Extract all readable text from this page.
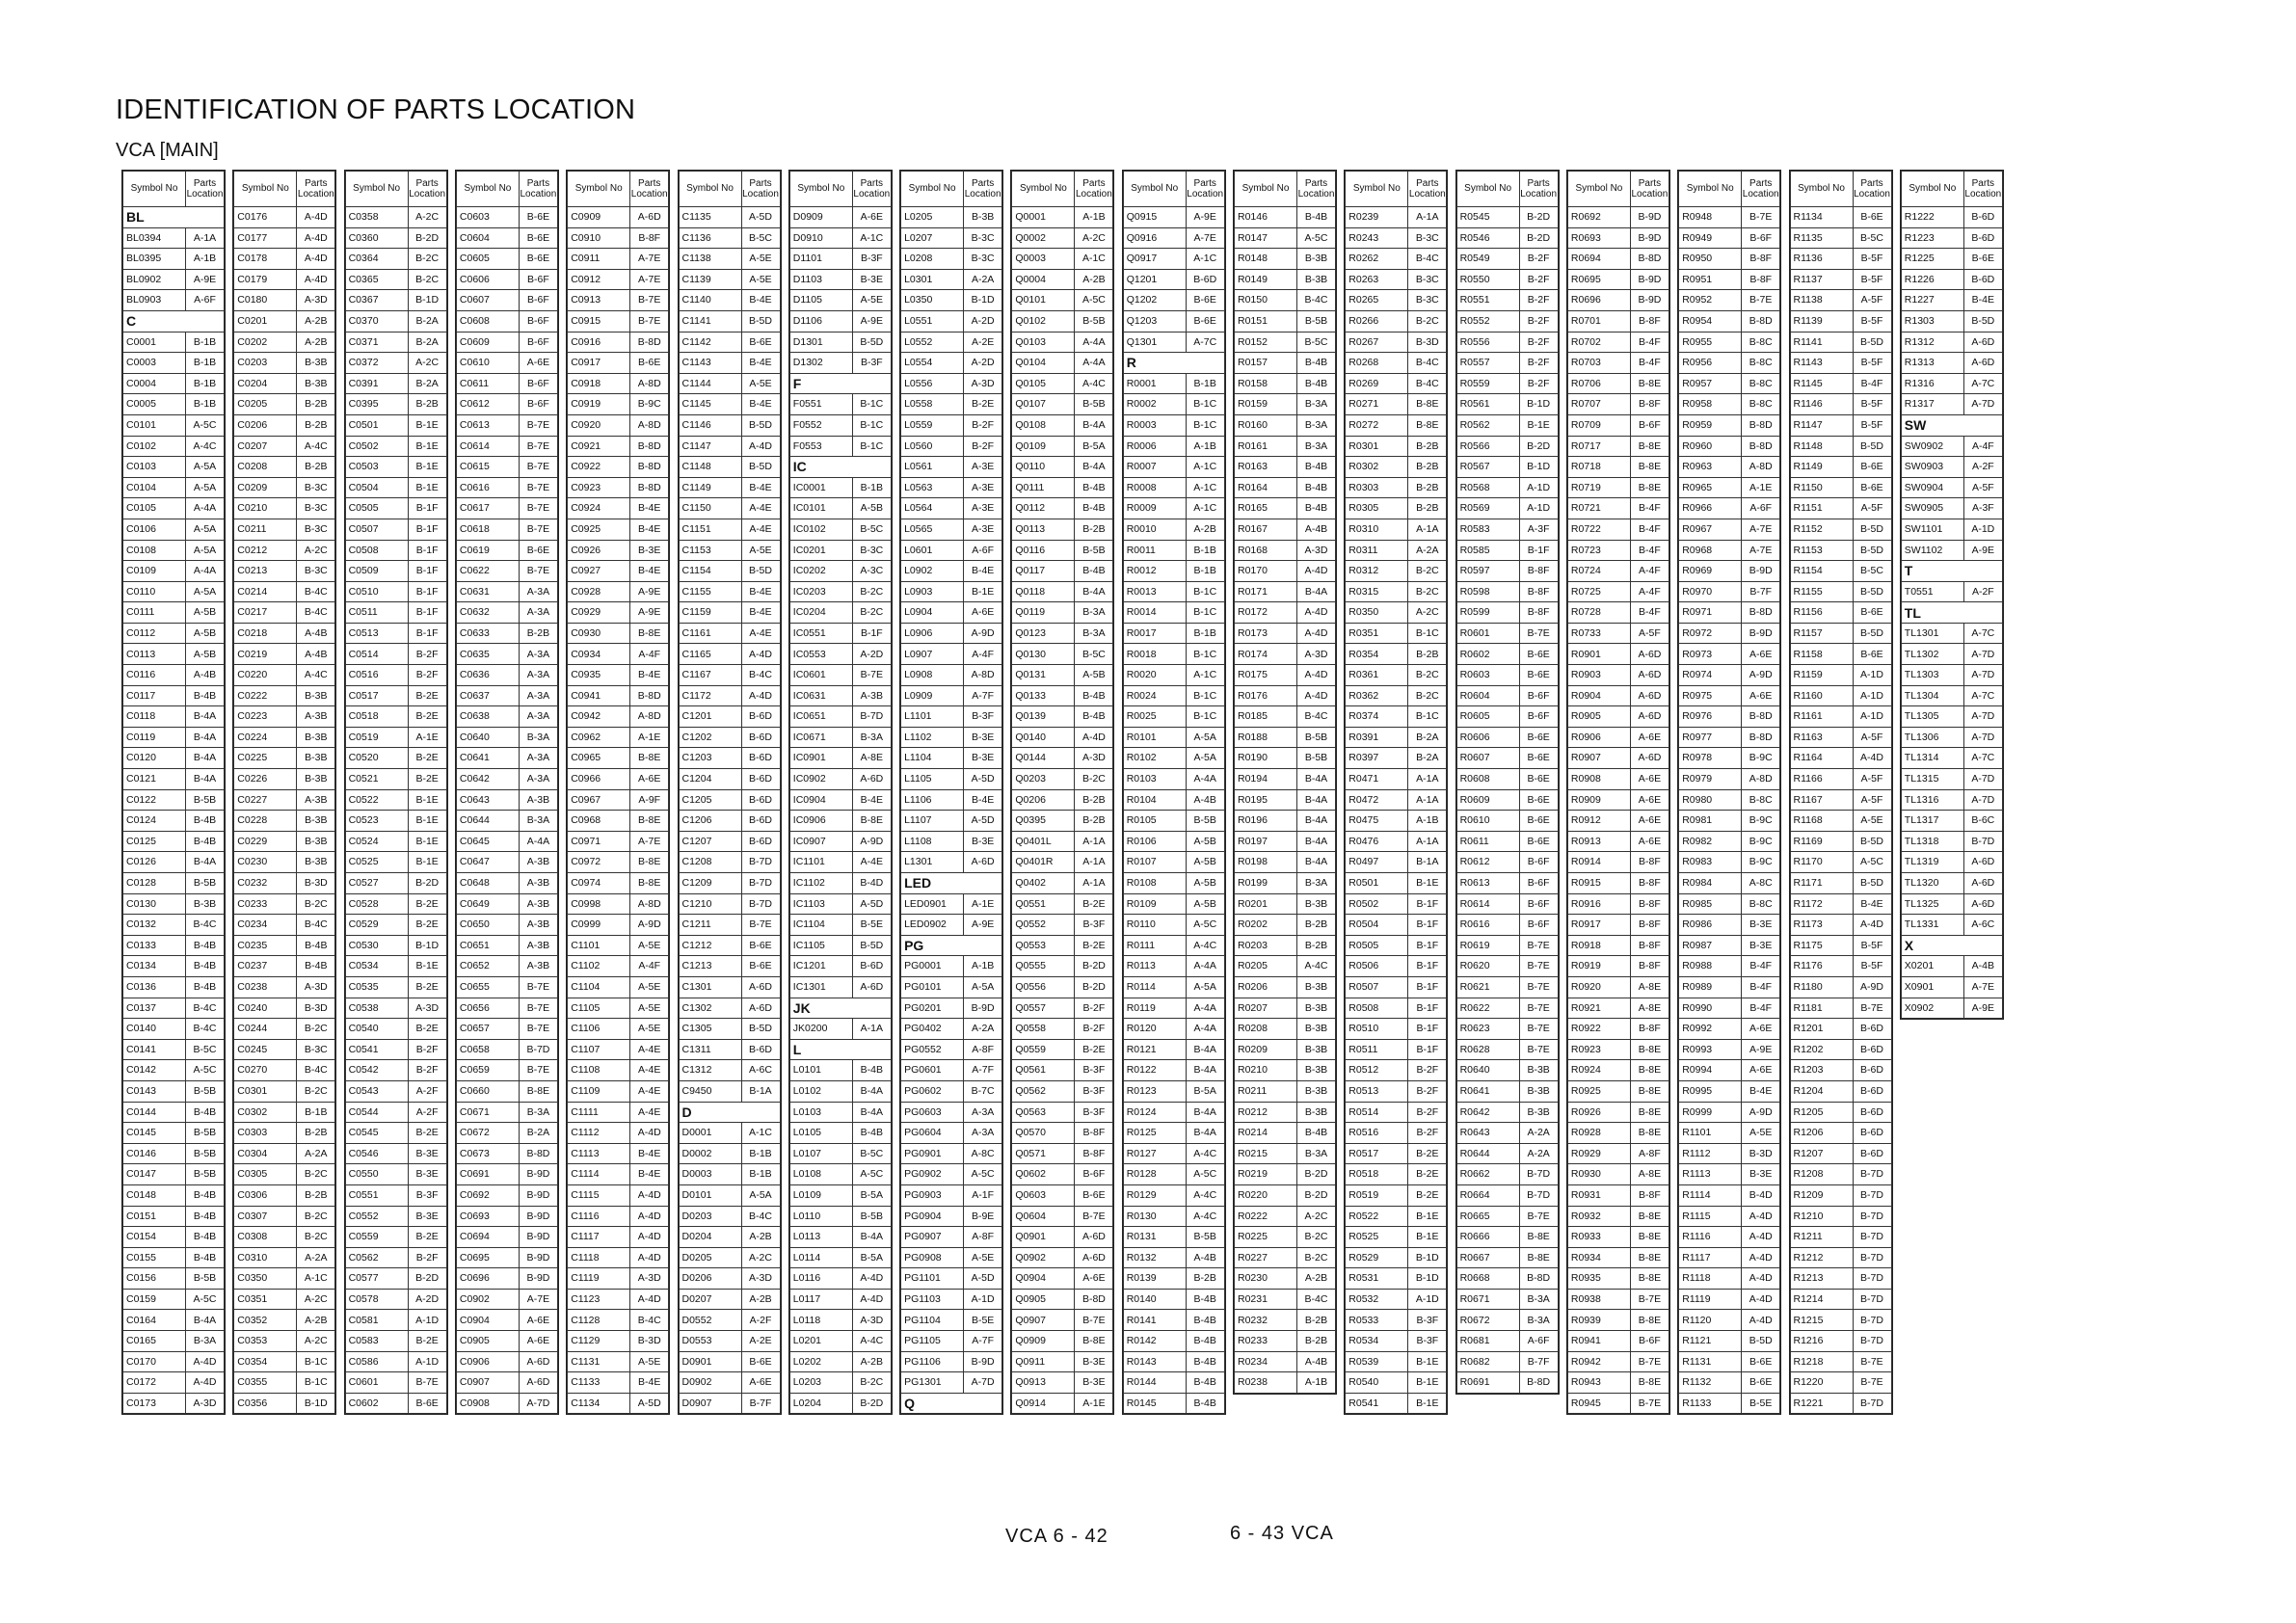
IDENTIFICATION OF PARTS LOCATION
VCA [MAIN]
Symbol No	Parts Location
BL	
BL0394	A-1A
BL0395	A-1B
BL0902	A-9E
BL0903	A-6F
C	
C0001	B-1B
C0003	B-1B
C0004	B-1B
C0005	B-1B
C0101	A-5C
C0102	A-4C
C0103	A-5A
C0104	A-5A
C0105	A-4A
C0106	A-5A
C0108	A-5A
C0109	A-4A
C0110	A-5A
C0111	A-5B
C0112	A-5B
C0113	A-5B
C0116	A-4B
C0117	B-4B
C0118	B-4A
C0119	B-4A
C0120	B-4A
C0121	B-4A
C0122	B-5B
C0124	B-4B
C0125	B-4B
C0126	B-4A
C0128	B-5B
C0130	B-3B
C0132	B-4C
C0133	B-4B
C0134	B-4B
C0136	B-4B
C0137	B-4C
C0140	B-4C
C0141	B-5C
C0142	A-5C
C0143	B-5B
C0144	B-4B
C0145	B-5B
C0146	B-5B
C0147	B-5B
C0148	B-4B
C0151	B-4B
C0154	B-4B
C0155	B-4B
C0156	B-5B
C0159	A-5C
C0164	B-4A
C0165	B-3A
C0170	A-4D
C0172	A-4D
C0173	A-3D
Symbol No	Parts Location
C0176	A-4D
C0177	A-4D
C0178	A-4D
C0179	A-4D
C0180	A-3D
C0201	A-2B
C0202	A-2B
C0203	B-3B
C0204	B-3B
C0205	B-2B
C0206	B-2B
C0207	A-4C
C0208	B-2B
C0209	B-3C
C0210	B-3C
C0211	B-3C
C0212	A-2C
C0213	B-3C
C0214	B-4C
C0217	B-4C
C0218	A-4B
C0219	A-4B
C0220	A-4C
C0222	B-3B
C0223	A-3B
C0224	B-3B
C0225	B-3B
C0226	B-3B
C0227	A-3B
C0228	B-3B
C0229	B-3B
C0230	B-3B
C0232	B-3D
C0233	B-2C
C0234	B-4C
C0235	B-4B
C0237	B-4B
C0238	A-3D
C0240	B-3D
C0244	B-2C
C0245	B-3C
C0270	B-4C
C0301	B-2C
C0302	B-1B
C0303	B-2B
C0304	A-2A
C0305	B-2C
C0306	B-2B
C0307	B-2C
C0308	B-2C
C0310	A-2A
C0350	A-1C
C0351	A-2C
C0352	A-2B
C0353	A-2C
C0354	B-1C
C0355	B-1C
C0356	B-1D
Symbol No	Parts Location
C0358	A-2C
C0360	B-2D
C0364	B-2C
C0365	B-2C
C0367	B-1D
C0370	B-2A
C0371	B-2A
C0372	A-2C
C0391	B-2A
C0395	B-2B
C0501	B-1E
C0502	B-1E
C0503	B-1E
C0504	B-1E
C0505	B-1F
C0507	B-1F
C0508	B-1F
C0509	B-1F
C0510	B-1F
C0511	B-1F
C0513	B-1F
C0514	B-2F
C0516	B-2F
C0517	B-2E
C0518	B-2E
C0519	A-1E
C0520	B-2E
C0521	B-2E
C0522	B-1E
C0523	B-1E
C0524	B-1E
C0525	B-1E
C0527	B-2D
C0528	B-2E
C0529	B-2E
C0530	B-1D
C0534	B-1E
C0535	B-2E
C0538	A-3D
C0540	B-2E
C0541	B-2F
C0542	B-2F
C0543	A-2F
C0544	A-2F
C0545	B-2E
C0546	B-3E
C0550	B-3E
C0551	B-3F
C0552	B-3E
C0559	B-2E
C0562	B-2F
C0577	B-2D
C0578	A-2D
C0581	A-1D
C0583	B-2E
C0586	A-1D
C0601	B-7E
C0602	B-6E
Symbol No	Parts Location
C0603	B-6E
C0604	B-6E
C0605	B-6E
C0606	B-6F
C0607	B-6F
C0608	B-6F
C0609	B-6F
C0610	A-6E
C0611	B-6F
C0612	B-6F
C0613	B-7E
C0614	B-7E
C0615	B-7E
C0616	B-7E
C0617	B-7E
C0618	B-7E
C0619	B-6E
C0622	B-7E
C0631	A-3A
C0632	A-3A
C0633	B-2B
C0635	A-3A
C0636	A-3A
C0637	A-3A
C0638	A-3A
C0640	B-3A
C0641	A-3A
C0642	A-3A
C0643	A-3B
C0644	B-3A
C0645	A-4A
C0647	A-3B
C0648	A-3B
C0649	A-3B
C0650	A-3B
C0651	A-3B
C0652	A-3B
C0655	B-7E
C0656	B-7E
C0657	B-7E
C0658	B-7D
C0659	B-7E
C0660	B-8E
C0671	B-3A
C0672	B-2A
C0673	B-8D
C0691	B-9D
C0692	B-9D
C0693	B-9D
C0694	B-9D
C0695	B-9D
C0696	B-9D
C0902	A-7E
C0904	A-6E
C0905	A-6E
C0906	A-6D
C0907	A-6D
C0908	A-7D
Symbol No	Parts Location
C0909	A-6D
C0910	B-8F
C0911	A-7E
C0912	A-7E
C0913	B-7E
C0915	B-7E
C0916	B-8D
C0917	B-6E
C0918	A-8D
C0919	B-9C
C0920	A-8D
C0921	B-8D
C0922	B-8D
C0923	B-8D
C0924	B-4E
C0925	B-4E
C0926	B-3E
C0927	B-4E
C0928	A-9E
C0929	A-9E
C0930	B-8E
C0934	A-4F
C0935	B-4E
C0941	B-8D
C0942	A-8D
C0962	A-1E
C0965	B-8E
C0966	A-6E
C0967	A-9F
C0968	B-8E
C0971	A-7E
C0972	B-8E
C0974	B-8E
C0998	A-8D
C0999	A-9D
C1101	A-5E
C1102	A-4F
C1104	A-5E
C1105	A-5E
C1106	A-5E
C1107	A-4E
C1108	A-4E
C1109	A-4E
C1111	A-4E
C1112	A-4D
C1113	B-4E
C1114	B-4E
C1115	A-4D
C1116	A-4D
C1117	A-4D
C1118	A-4D
C1119	A-3D
C1123	A-4D
C1128	B-4C
C1129	B-3D
C1131	A-5E
C1133	B-4E
C1134	A-5D
Symbol No	Parts Location
C1135	A-5D
C1136	B-5C
C1138	A-5E
C1139	A-5E
C1140	B-4E
C1141	B-5D
C1142	B-6E
C1143	B-4E
C1144	A-5E
C1145	B-4E
C1146	B-5D
C1147	A-4D
C1148	B-5D
C1149	B-4E
C1150	A-4E
C1151	A-4E
C1153	A-5E
C1154	B-5D
C1155	B-4E
C1159	B-4E
C1161	A-4E
C1165	A-4D
C1167	B-4C
C1172	A-4D
C1201	B-6D
C1202	B-6D
C1203	B-6D
C1204	B-6D
C1205	B-6D
C1206	B-6D
C1207	B-6D
C1208	B-7D
C1209	B-7D
C1210	B-7D
C1211	B-7E
C1212	B-6E
C1213	B-6E
C1301	A-6D
C1302	A-6D
C1305	B-5D
C1311	B-6D
C1312	A-6C
C9450	B-1A
D	
D0001	A-1C
D0002	B-1B
D0003	B-1B
D0101	A-5A
D0203	B-4C
D0204	A-2B
D0205	A-2C
D0206	A-3D
D0207	A-2B
D0552	A-2F
D0553	A-2E
D0901	B-6E
D0902	A-6E
D0907	B-7F
Symbol No	Parts Location
D0909	A-6E
D0910	A-1C
D1101	B-3F
D1103	B-3E
D1105	A-5E
D1106	A-9E
D1301	B-5D
D1302	B-3F
F	
F0551	B-1C
F0552	B-1C
F0553	B-1C
IC	
IC0001	B-1B
IC0101	A-5B
IC0102	B-5C
IC0201	B-3C
IC0202	A-3C
IC0203	B-2C
IC0204	B-2C
IC0551	B-1F
IC0553	A-2D
IC0601	B-7E
IC0631	A-3B
IC0651	B-7D
IC0671	B-3A
IC0901	A-8E
IC0902	A-6D
IC0904	B-4E
IC0906	B-8E
IC0907	A-9D
IC1101	A-4E
IC1102	B-4D
IC1103	A-5D
IC1104	B-5E
IC1105	B-5D
IC1201	B-6D
IC1301	A-6D
JK	
JK0200	A-1A
L	
L0101	B-4B
L0102	B-4A
L0103	B-4A
L0105	B-4B
L0107	B-5C
L0108	A-5C
L0109	B-5A
L0110	B-5B
L0113	B-4A
L0114	B-5A
L0116	A-4D
L0117	A-4D
L0118	A-3D
L0201	A-4C
L0202	A-2B
L0203	B-2C
L0204	B-2D
Symbol No	Parts Location
L0205	B-3B
L0207	B-3C
L0208	B-3C
L0301	A-2A
L0350	B-1D
L0551	A-2D
L0552	A-2E
L0554	A-2D
L0556	A-3D
L0558	B-2E
L0559	B-2F
L0560	B-2F
L0561	A-3E
L0563	A-3E
L0564	A-3E
L0565	A-3E
L0601	A-6F
L0902	B-4E
L0903	B-1E
L0904	A-6E
L0906	A-9D
L0907	A-4F
L0908	A-8D
L0909	A-7F
L1101	B-3F
L1102	B-3E
L1104	B-3E
L1105	A-5D
L1106	B-4E
L1107	A-5D
L1108	B-3E
L1301	A-6D
LED	
LED0901	A-1E
LED0902	A-9E
PG	
PG0001	A-1B
PG0101	A-5A
PG0201	B-9D
PG0402	A-2A
PG0552	A-8F
PG0601	A-7F
PG0602	B-7C
PG0603	A-3A
PG0604	A-3A
PG0901	A-8C
PG0902	A-5C
PG0903	A-1F
PG0904	B-9E
PG0907	A-8F
PG0908	A-5E
PG1101	A-5D
PG1103	A-1D
PG1104	B-5E
PG1105	A-7F
PG1106	B-9D
PG1301	A-7D
Q	
Symbol No	Parts Location
Q0001	A-1B
Q0002	A-2C
Q0003	A-1C
Q0004	A-2B
Q0101	A-5C
Q0102	B-5B
Q0103	A-4A
Q0104	A-4A
Q0105	A-4C
Q0107	B-5B
Q0108	B-4A
Q0109	B-5A
Q0110	B-4A
Q0111	B-4B
Q0112	B-4B
Q0113	B-2B
Q0116	B-5B
Q0117	B-4B
Q0118	B-4A
Q0119	B-3A
Q0123	B-3A
Q0130	B-5C
Q0131	A-5B
Q0133	B-4B
Q0139	B-4B
Q0140	A-4D
Q0144	A-3D
Q0203	B-2C
Q0206	B-2B
Q0395	B-2B
Q0401L	A-1A
Q0401R	A-1A
Q0402	A-1A
Q0551	B-2E
Q0552	B-3F
Q0553	B-2E
Q0555	B-2D
Q0556	B-2D
Q0557	B-2F
Q0558	B-2F
Q0559	B-2E
Q0561	B-3F
Q0562	B-3F
Q0563	B-3F
Q0570	B-8F
Q0571	B-8F
Q0602	B-6F
Q0603	B-6E
Q0604	B-7E
Q0901	A-6D
Q0902	A-6D
Q0904	A-6E
Q0905	B-8D
Q0907	B-7E
Q0909	B-8E
Q0911	B-3E
Q0913	B-3E
Q0914	A-1E
Symbol No	Parts Location
Q0915	A-9E
Q0916	A-7E
Q0917	A-1C
Q1201	B-6D
Q1202	B-6E
Q1203	B-6E
Q1301	A-7C
R	
R0001	B-1B
R0002	B-1C
R0003	B-1C
R0006	A-1B
R0007	A-1C
R0008	A-1C
R0009	A-1C
R0010	A-2B
R0011	B-1B
R0012	B-1B
R0013	B-1C
R0014	B-1C
R0017	B-1B
R0018	B-1C
R0020	A-1C
R0024	B-1C
R0025	B-1C
R0101	A-5A
R0102	A-5A
R0103	A-4A
R0104	A-4B
R0105	B-5B
R0106	A-5B
R0107	A-5B
R0108	A-5B
R0109	A-5B
R0110	A-5C
R0111	A-4C
R0113	A-4A
R0114	A-5A
R0119	A-4A
R0120	A-4A
R0121	B-4A
R0122	B-4A
R0123	B-5A
R0124	B-4A
R0125	B-4A
R0127	A-4C
R0128	A-5C
R0129	A-4C
R0130	A-4C
R0131	B-5B
R0132	A-4B
R0139	B-2B
R0140	B-4B
R0141	B-4B
R0142	B-4B
R0143	B-4B
R0144	B-4B
R0145	B-4B
Symbol No	Parts Location
R0146	B-4B
R0147	A-5C
R0148	B-3B
R0149	B-3B
R0150	B-4C
R0151	B-5B
R0152	B-5C
R0157	B-4B
R0158	B-4B
R0159	B-3A
R0160	B-3A
R0161	B-3A
R0163	B-4B
R0164	B-4B
R0165	B-4B
R0167	A-4B
R0168	A-3D
R0170	A-4D
R0171	B-4A
R0172	A-4D
R0173	A-4D
R0174	A-3D
R0175	A-4D
R0176	A-4D
R0185	B-4C
R0188	B-5B
R0190	B-5B
R0194	B-4A
R0195	B-4A
R0196	B-4A
R0197	B-4A
R0198	B-4A
R0199	B-3A
R0201	B-3B
R0202	B-2B
R0203	B-2B
R0205	A-4C
R0206	B-3B
R0207	B-3B
R0208	B-3B
R0209	B-3B
R0210	B-3B
R0211	B-3B
R0212	B-3B
R0214	B-4B
R0215	B-3A
R0219	B-2D
R0220	B-2D
R0222	A-2C
R0225	B-2C
R0227	B-2C
R0230	A-2B
R0231	B-4C
R0232	B-2B
R0233	B-2B
R0234	A-4B
R0238	A-1B
Symbol No	Parts Location
R0239	A-1A
R0243	B-3C
R0262	B-4C
R0263	B-3C
R0265	B-3C
R0266	B-2C
R0267	B-3D
R0268	B-4C
R0269	B-4C
R0271	B-8E
R0272	B-8E
R0301	B-2B
R0302	B-2B
R0303	B-2B
R0305	B-2B
R0310	A-1A
R0311	A-2A
R0312	B-2C
R0315	B-2C
R0350	A-2C
R0351	B-1C
R0354	B-2B
R0361	B-2C
R0362	B-2C
R0374	B-1C
R0391	B-2A
R0397	B-2A
R0471	A-1A
R0472	A-1A
R0475	A-1B
R0476	A-1A
R0497	B-1A
R0501	B-1E
R0502	B-1F
R0504	B-1F
R0505	B-1F
R0506	B-1F
R0507	B-1F
R0508	B-1F
R0510	B-1F
R0511	B-1F
R0512	B-2F
R0513	B-2F
R0514	B-2F
R0516	B-2F
R0517	B-2E
R0518	B-2E
R0519	B-2E
R0522	B-1E
R0525	B-1E
R0529	B-1D
R0531	B-1D
R0532	A-1D
R0533	B-3F
R0534	B-3F
R0539	B-1E
R0540	B-1E
R0541	B-1E
Symbol No	Parts Location
R0545	B-2D
R0546	B-2D
R0549	B-2F
R0550	B-2F
R0551	B-2F
R0552	B-2F
R0556	B-2F
R0557	B-2F
R0559	B-2F
R0561	B-1D
R0562	B-1E
R0566	B-2D
R0567	B-1D
R0568	A-1D
R0569	A-1D
R0583	A-3F
R0585	B-1F
R0597	B-8F
R0598	B-8F
R0599	B-8F
R0601	B-7E
R0602	B-6E
R0603	B-6E
R0604	B-6F
R0605	B-6F
R0606	B-6E
R0607	B-6E
R0608	B-6E
R0609	B-6E
R0610	B-6E
R0611	B-6E
R0612	B-6F
R0613	B-6F
R0614	B-6F
R0616	B-6F
R0619	B-7E
R0620	B-7E
R0621	B-7E
R0622	B-7E
R0623	B-7E
R0628	B-7E
R0640	B-3B
R0641	B-3B
R0642	B-3B
R0643	A-2A
R0644	A-2A
R0662	B-7D
R0664	B-7D
R0665	B-7E
R0666	B-8E
R0667	B-8E
R0668	B-8D
R0671	B-3A
R0672	B-3A
R0681	A-6F
R0682	B-7F
R0691	B-8D
Symbol No	Parts Location
R0692	B-9D
R0693	B-9D
R0694	B-8D
R0695	B-9D
R0696	B-9D
R0701	B-8F
R0702	B-4F
R0703	B-4F
R0706	B-8E
R0707	B-8F
R0709	B-6F
R0717	B-8E
R0718	B-8E
R0719	B-8E
R0721	B-4F
R0722	B-4F
R0723	B-4F
R0724	A-4F
R0725	A-4F
R0728	B-4F
R0733	A-5F
R0901	A-6D
R0903	A-6D
R0904	A-6D
R0905	A-6D
R0906	A-6E
R0907	A-6D
R0908	A-6E
R0909	A-6E
R0912	A-6E
R0913	A-6E
R0914	B-8F
R0915	B-8F
R0916	B-8F
R0917	B-8F
R0918	B-8F
R0919	B-8F
R0920	A-8E
R0921	A-8E
R0922	B-8F
R0923	B-8E
R0924	B-8E
R0925	B-8E
R0926	B-8E
R0928	B-8E
R0929	A-8F
R0930	A-8E
R0931	B-8F
R0932	B-8E
R0933	B-8E
R0934	B-8E
R0935	B-8E
R0938	B-7E
R0939	B-8E
R0941	B-6F
R0942	B-7E
R0943	B-8E
R0945	B-7E
Symbol No	Parts Location
R0948	B-7E
R0949	B-6F
R0950	B-8F
R0951	B-8F
R0952	B-7E
R0954	B-8D
R0955	B-8C
R0956	B-8C
R0957	B-8C
R0958	B-8C
R0959	B-8D
R0960	B-8D
R0963	A-8D
R0965	A-1E
R0966	A-6F
R0967	A-7E
R0968	A-7E
R0969	B-9D
R0970	B-7F
R0971	B-8D
R0972	B-9D
R0973	A-6E
R0974	A-9D
R0975	A-6E
R0976	B-8D
R0977	B-8D
R0978	B-9C
R0979	A-8D
R0980	B-8C
R0981	B-9C
R0982	B-9C
R0983	B-9C
R0984	A-8C
R0985	B-8C
R0986	B-3E
R0987	B-3E
R0988	B-4F
R0989	B-4F
R0990	B-4F
R0992	A-6E
R0993	A-9E
R0994	A-6E
R0995	B-4E
R0999	A-9D
R1101	A-5E
R1112	B-3D
R1113	B-3E
R1114	B-4D
R1115	A-4D
R1116	A-4D
R1117	A-4D
R1118	A-4D
R1119	A-4D
R1120	A-4D
R1121	B-5D
R1131	B-6E
R1132	B-6E
R1133	B-5E
Symbol No	Parts Location
R1134	B-6E
R1135	B-5C
R1136	B-5F
R1137	B-5F
R1138	A-5F
R1139	B-5F
R1141	B-5D
R1143	B-5F
R1145	B-4F
R1146	B-5F
R1147	B-5F
R1148	B-5D
R1149	B-6E
R1150	B-6E
R1151	A-5F
R1152	B-5D
R1153	B-5D
R1154	B-5C
R1155	B-5D
R1156	B-6E
R1157	B-5D
R1158	B-6E
R1159	A-1D
R1160	A-1D
R1161	A-1D
R1163	A-5F
R1164	A-4D
R1166	A-5F
R1167	A-5F
R1168	A-5E
R1169	B-5D
R1170	A-5C
R1171	B-5D
R1172	B-4E
R1173	A-4D
R1175	B-5F
R1176	B-5F
R1180	A-9D
R1181	B-7E
R1201	B-6D
R1202	B-6D
R1203	B-6D
R1204	B-6D
R1205	B-6D
R1206	B-6D
R1207	B-6D
R1208	B-7D
R1209	B-7D
R1210	B-7D
R1211	B-7D
R1212	B-7D
R1213	B-7D
R1214	B-7D
R1215	B-7D
R1216	B-7D
R1218	B-7E
R1220	B-7E
R1221	B-7D
Symbol No	Parts Location
R1222	B-6D
R1223	B-6D
R1225	B-6E
R1226	B-6D
R1227	B-4E
R1303	B-5D
R1312	A-6D
R1313	A-6D
R1316	A-7C
R1317	A-7D
SW	
SW0902	A-4F
SW0903	A-2F
SW0904	A-5F
SW0905	A-3F
SW1101	A-1D
SW1102	A-9E
T	
T0551	A-2F
TL	
TL1301	A-7C
TL1302	A-7D
TL1303	A-7D
TL1304	A-7C
TL1305	A-7D
TL1306	A-7D
TL1314	A-7C
TL1315	A-7D
TL1316	A-7D
TL1317	B-6C
TL1318	B-7D
TL1319	A-6D
TL1320	A-6D
TL1325	A-6D
TL1331	A-6C
X	
X0201	A-4B
X0901	A-7E
X0902	A-9E
VCA 6 - 42	6 - 43 VCA
